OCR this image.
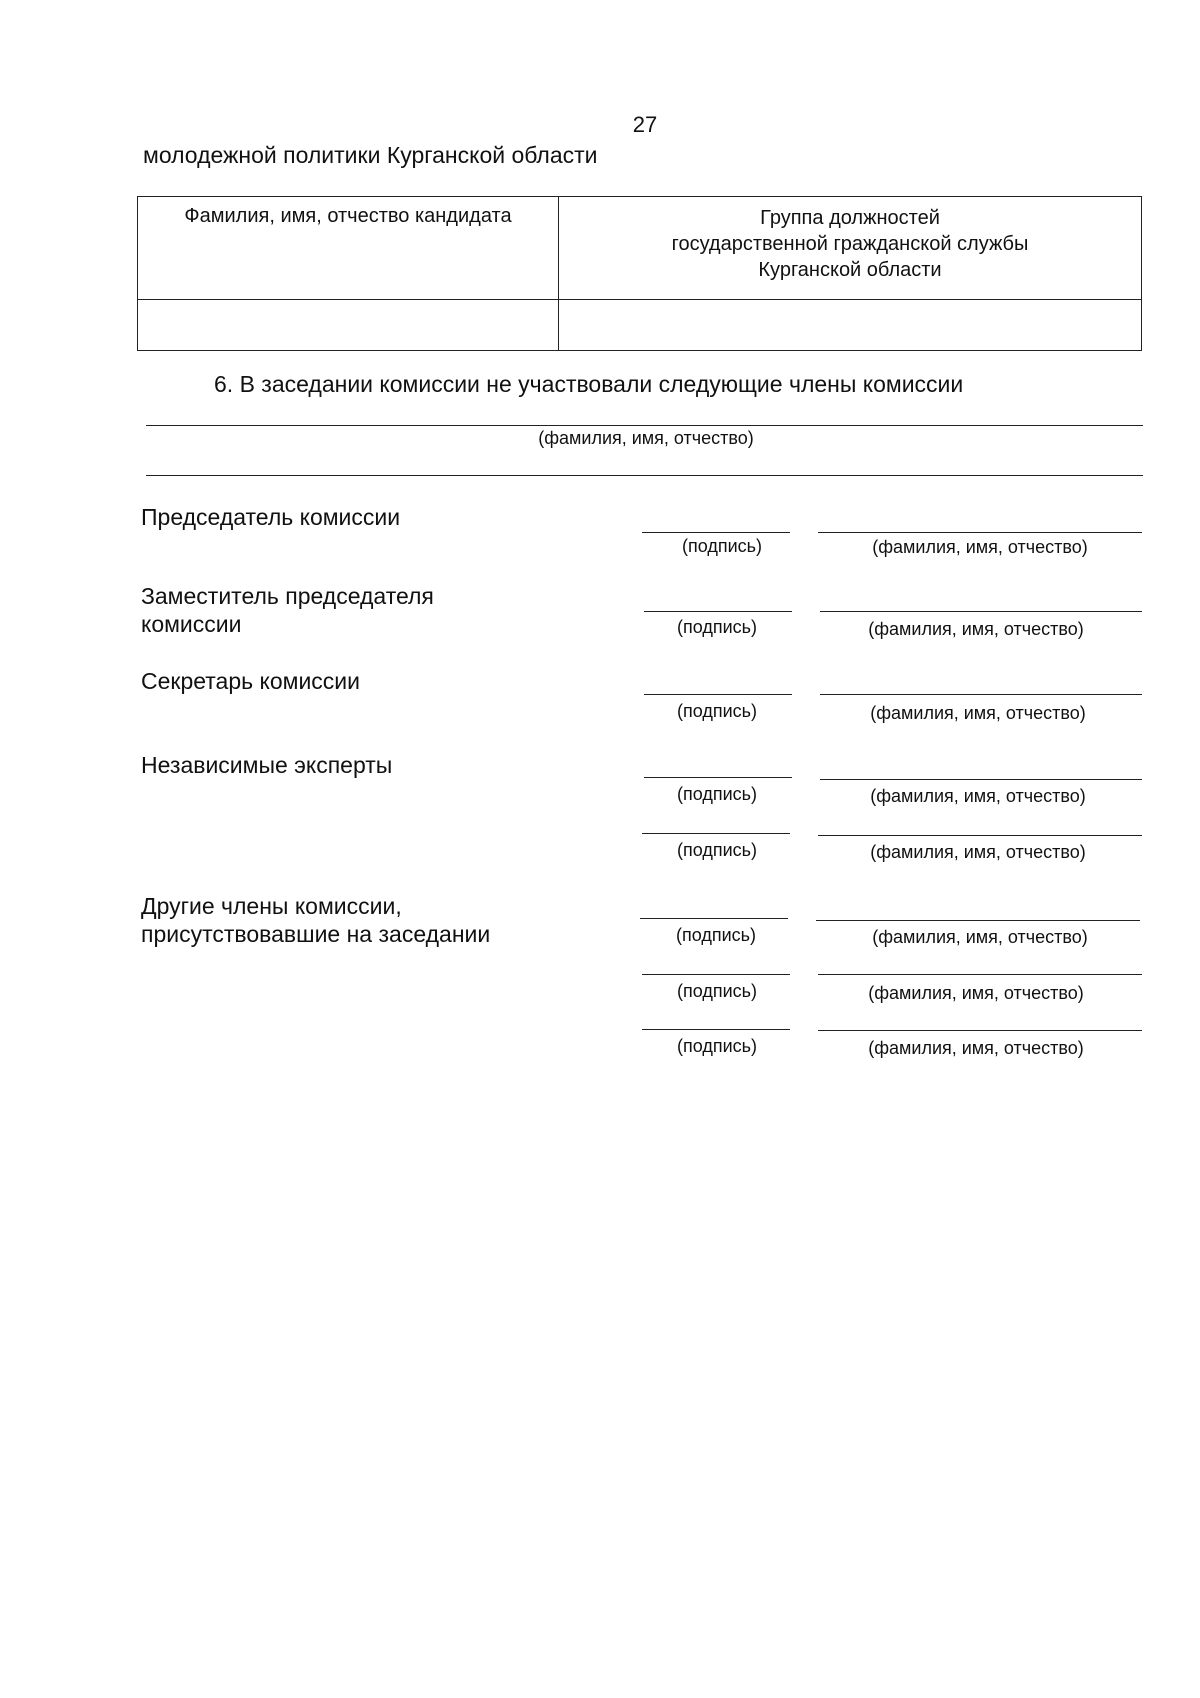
27
молодежной политики Курганской области
Фамилия, имя, отчество кандидата	Группа должностей
государственной гражданской службы
Курганской области

6. В заседании комиссии не участвовали следующие члены комиссии
(фамилия, имя, отчество)
Председатель комиссии
(подпись)	(фамилия, имя, отчество)
Заместитель председателя
комиссии	(подпись)	(фамилия, имя, отчество)
Секретарь комиссии
(подпись)	(фамилия, имя, отчество)
Независимые эксперты
(подпись)	(фамилия, имя, отчество)
(подпись)	(фамилия, имя, отчество)
Другие члены комиссии,
присутствовавшие на заседании	(подпись)	(фамилия, имя, отчество)
(подпись)	(фамилия, имя, отчество)
(подпись)	(фамилия, имя, отчество)
